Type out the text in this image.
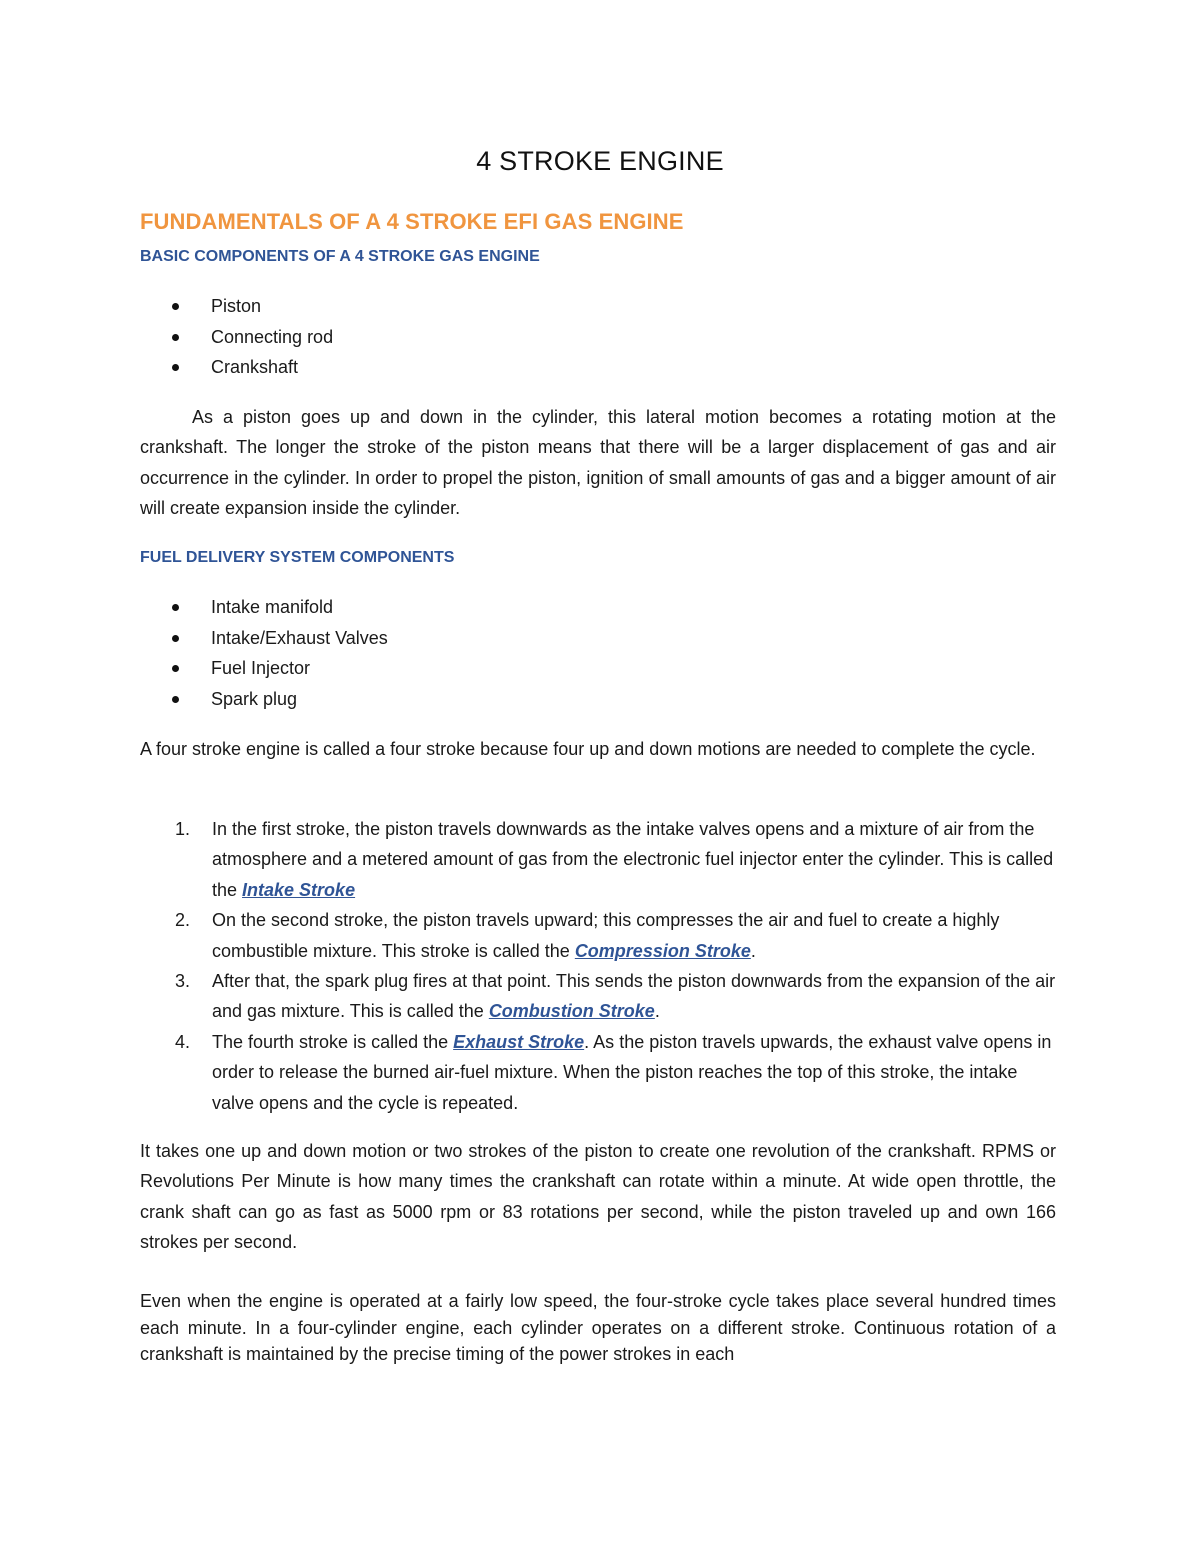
4 STROKE ENGINE
FUNDAMENTALS OF A 4 STROKE EFI GAS ENGINE
BASIC COMPONENTS OF A 4 STROKE GAS ENGINE
Piston
Connecting rod
Crankshaft

As a piston goes up and down in the cylinder, this lateral motion becomes a rotating motion at the crankshaft. The longer the stroke of the piston means that there will be a larger displacement of gas and air occurrence in the cylinder. In order to propel the piston, ignition of small amounts of gas and a bigger amount of air will create expansion inside the cylinder.

FUEL DELIVERY SYSTEM COMPONENTS
Intake manifold
Intake/Exhaust Valves
Fuel Injector
Spark plug

A four stroke engine is called a four stroke because four up and down motions are needed to complete the cycle.

1. In the first stroke, the piston travels downwards as the intake valves opens and a mixture of air from the atmosphere and a metered amount of gas from the electronic fuel injector enter the cylinder. This is called the Intake Stroke
2. On the second stroke, the piston travels upward; this compresses the air and fuel to create a highly combustible mixture. This stroke is called the Compression Stroke.
3. After that, the spark plug fires at that point. This sends the piston downwards from the expansion of the air and gas mixture. This is called the Combustion Stroke.
4. The fourth stroke is called the Exhaust Stroke. As the piston travels upwards, the exhaust valve opens in order to release the burned air-fuel mixture. When the piston reaches the top of this stroke, the intake valve opens and the cycle is repeated.

It takes one up and down motion or two strokes of the piston to create one revolution of the crankshaft. RPMS or Revolutions Per Minute is how many times the crankshaft can rotate within a minute. At wide open throttle, the crank shaft can go as fast as 5000 rpm or 83 rotations per second, while the piston traveled up and own 166 strokes per second.

Even when the engine is operated at a fairly low speed, the four-stroke cycle takes place several hundred times each minute. In a four-cylinder engine, each cylinder operates on a different stroke. Continuous rotation of a crankshaft is maintained by the precise timing of the power strokes in each
